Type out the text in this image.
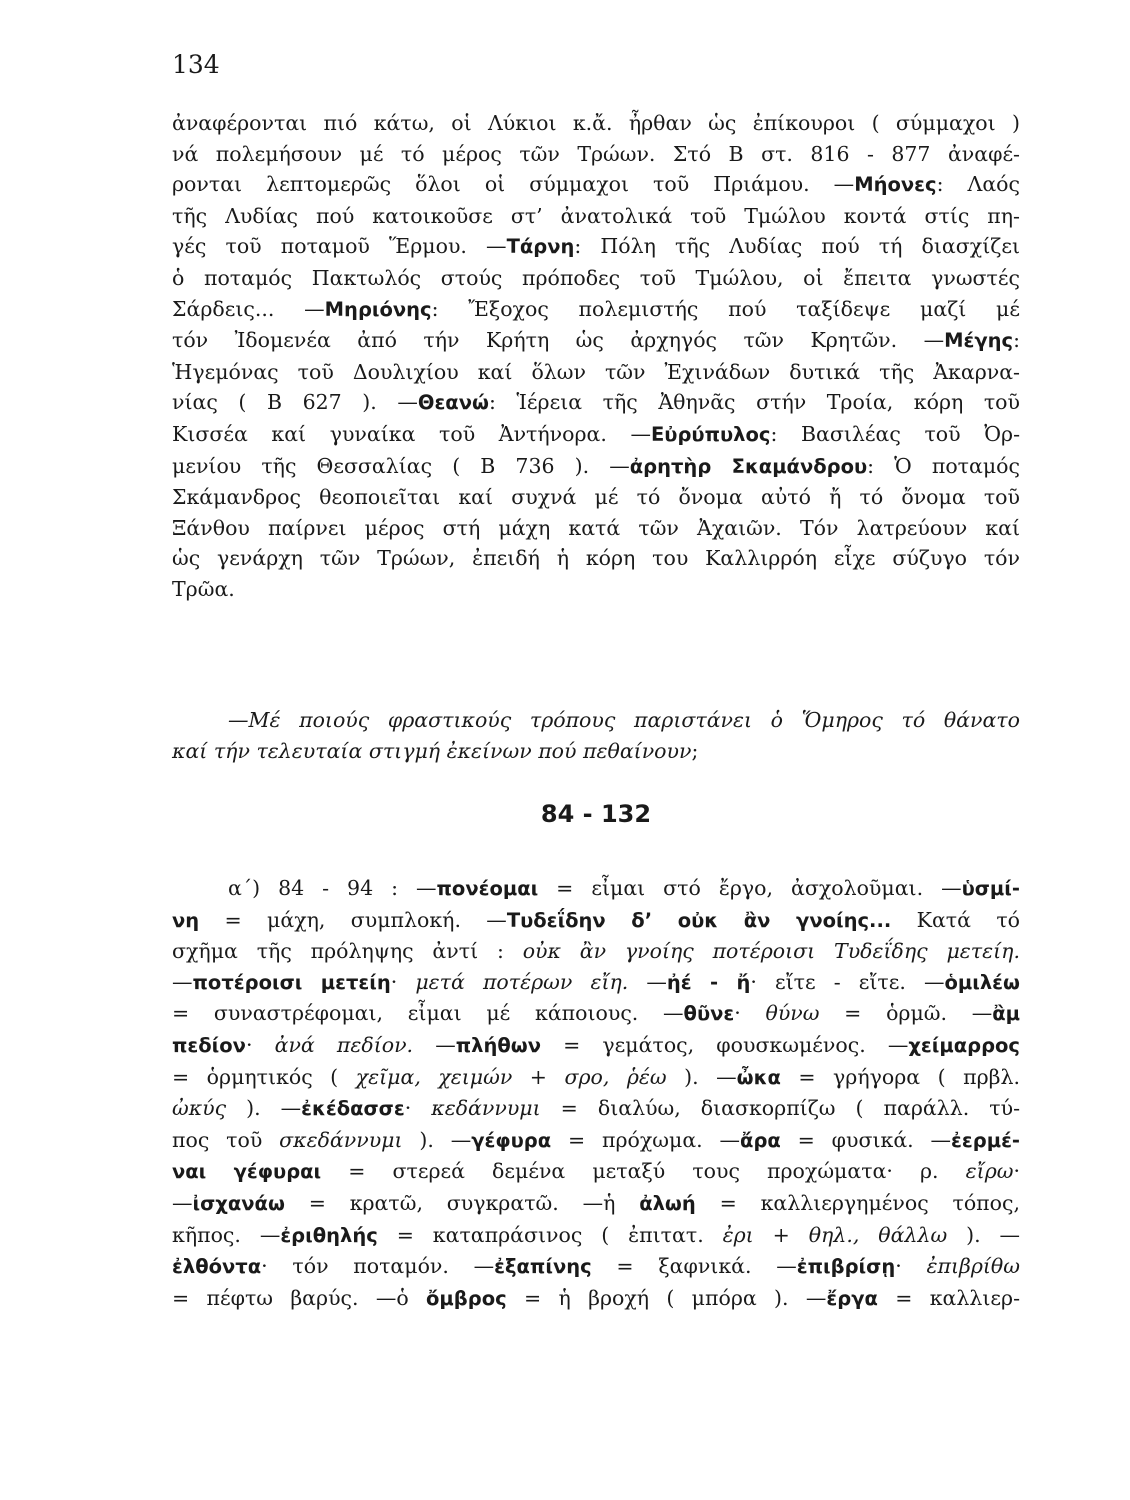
134
ἀναφέρονται πιό κάτω, οἱ Λύκιοι κ.ἄ. ἦρθαν ὡς ἐπίκουροι ( σύμμαχοι )
νά πολεμήσουν μέ τό μέρος τῶν Τρώων. Στό Β στ. 816 - 877 ἀναφέ-
ρονται λεπτομερῶς ὅλοι οἱ σύμμαχοι τοῦ Πριάμου. —Μήονες: Λαός
τῆς Λυδίας πού κατοικοῦσε στ’ ἀνατολικά τοῦ Τμώλου κοντά στίς πη-
γές τοῦ ποταμοῦ Ἕρμου. —Τάρνη: Πόλη τῆς Λυδίας πού τή διασχίζει
ὁ ποταμός Πακτωλός στούς πρόποδες τοῦ Τμώλου, οἱ ἔπειτα γνωστές
Σάρδεις... —Μηριόνης: Ἔξοχος πολεμιστής πού ταξίδεψε μαζί μέ
τόν Ἰδομενέα ἀπό τήν Κρήτη ὡς ἀρχηγός τῶν Κρητῶν. —Μέγης:
Ἡγεμόνας τοῦ Δουλιχίου καί ὅλων τῶν Ἐχινάδων δυτικά τῆς Ἀκαρνα-
νίας ( Β 627 ). —Θεανώ: Ἱέρεια τῆς Ἀθηνᾶς στήν Τροία, κόρη τοῦ
Κισσέα καί γυναίκα τοῦ Ἀντήνορα. —Εὐρύπυλος: Βασιλέας τοῦ Ὀρ-
μενίου τῆς Θεσσαλίας ( Β 736 ). —ἀρητὴρ Σκαμάνδρου: Ὁ ποταμός
Σκάμανδρος θεοποιεῖται καί συχνά μέ τό ὄνομα αὐτό ἤ τό ὄνομα τοῦ
Ξάνθου παίρνει μέρος στή μάχη κατά τῶν Ἀχαιῶν. Τόν λατρεύουν καί
ὡς γενάρχη τῶν Τρώων, ἐπειδή ἡ κόρη του Καλλιρρόη εἶχε σύζυγο τόν
Τρῶα.
—Μέ ποιούς φραστικούς τρόπους παριστάνει ὁ Ὅμηρος τό θάνατο
καί τήν τελευταία στιγμή ἐκείνων πού πεθαίνουν;
84 - 132
α΄) 84 - 94 : —πονέομαι = εἶμαι στό ἔργο, ἀσχολοῦμαι. —ὑσμί-
νη = μάχη, συμπλοκή. —Τυδεΐδην δ’ οὐκ ἂν γνοίης... Κατά τό
σχῆμα τῆς πρόληψης ἀντί : οὐκ ἂν γνοίης ποτέροισι Τυδεΐδης μετείη.
—ποτέροισι μετείη· μετά ποτέρων εἴη. —ἠέ - ἤ· εἴτε - εἴτε. —ὁμιλέω
= συναστρέφομαι, εἶμαι μέ κάποιους. —θῦνε· θύνω = ὁρμῶ. —ἂμ
πεδίον· ἀνά πεδίον. —πλήθων = γεμάτος, φουσκωμένος. —χείμαρρος
= ὁρμητικός ( χεῖμα, χειμών + σρο, ῥέω ). —ὦκα = γρήγορα ( πρβλ.
ὠκύς ). —ἐκέδασσε· κεδάννυμι = διαλύω, διασκορπίζω ( παράλλ. τύ-
πος τοῦ σκεδάννυμι ). —γέφυρα = πρόχωμα. —ἄρα = φυσικά. —ἐερμέ-
ναι γέφυραι = στερεά δεμένα μεταξύ τους προχώματα· ρ. εἴρω·
—ἰσχανάω = κρατῶ, συγκρατῶ. —ἡ ἀλωή = καλλιεργημένος τόπος,
κῆπος. —ἐριθηλής = καταπράσινος ( ἐπιτατ. ἐρι + θηλ., θάλλω ). —
ἐλθόντα· τόν ποταμόν. —ἐξαπίνης = ξαφνικά. —ἐπιβρίσῃ· ἐπιβρίθω
= πέφτω βαρύς. —ὁ ὄμβρος = ἡ βροχή ( μπόρα ). —ἔργα = καλλιερ-
